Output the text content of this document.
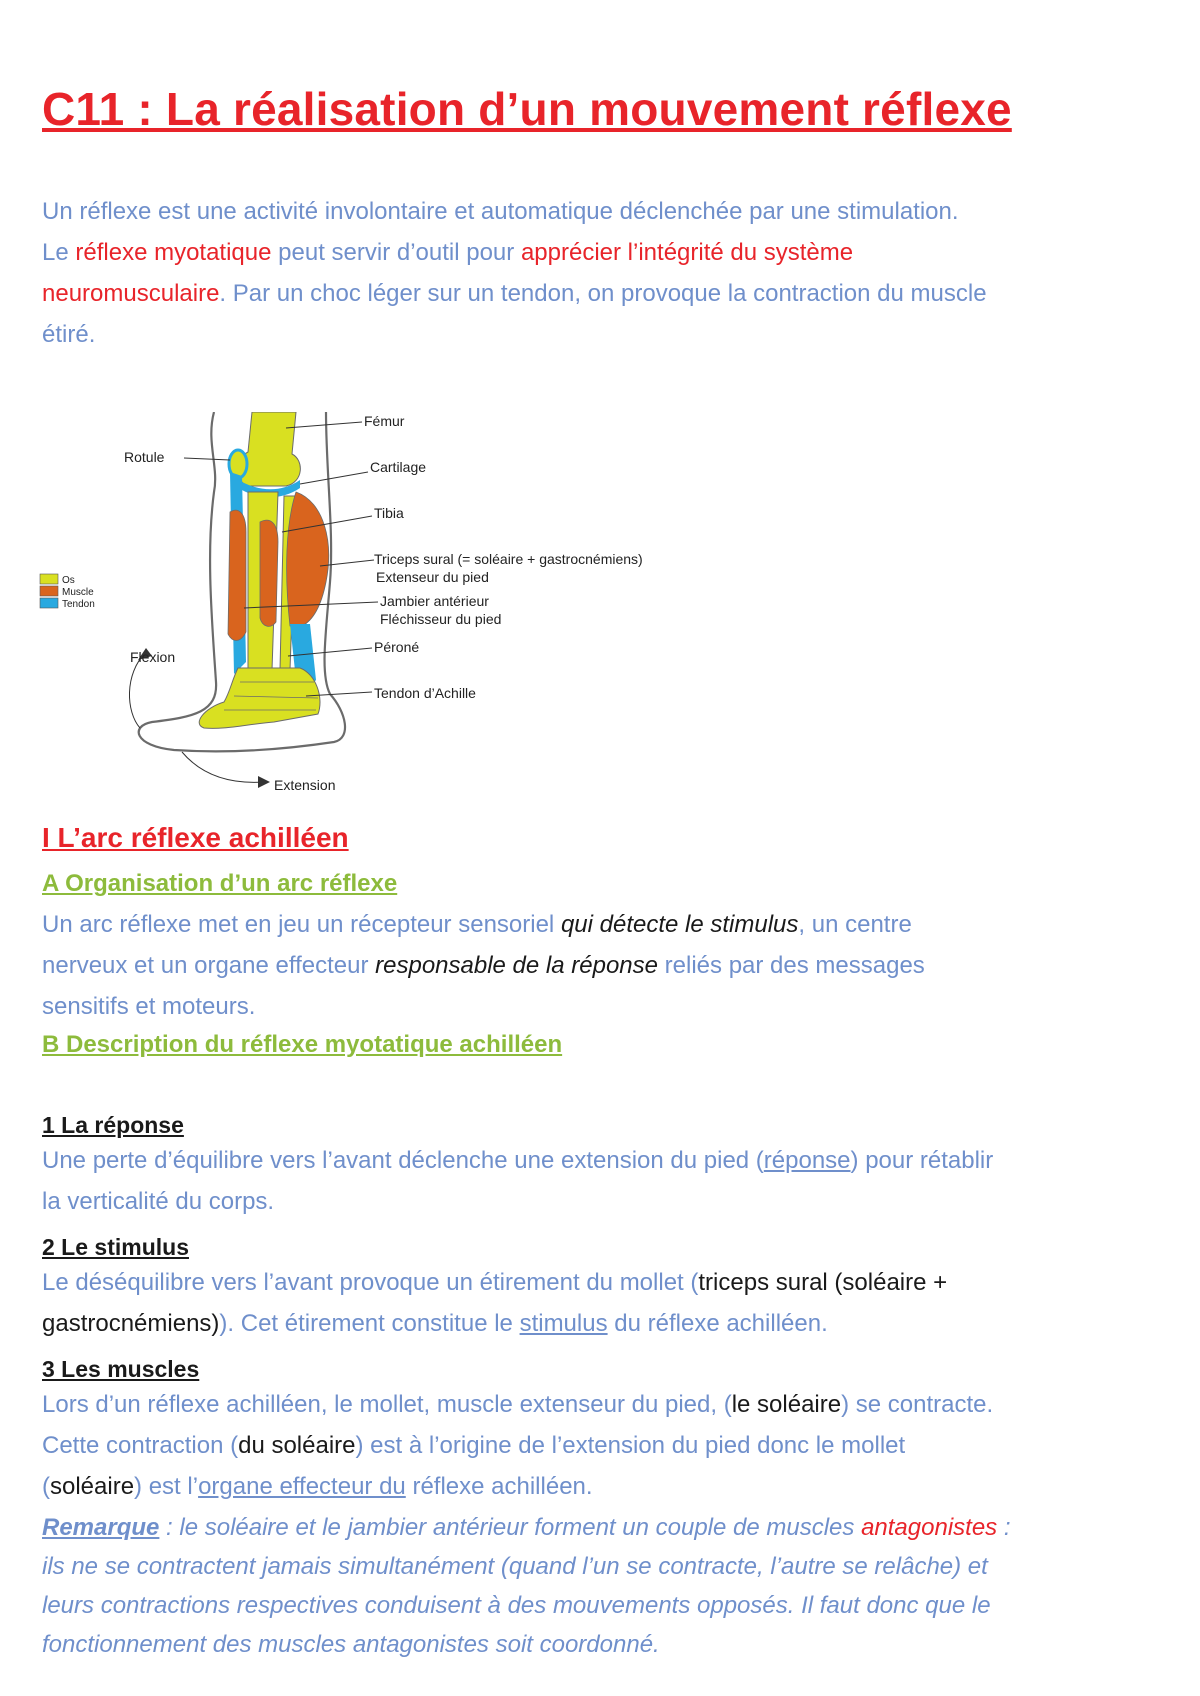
C11 : La réalisation d’un mouvement réflexe
Un réflexe est une activité involontaire et automatique déclenchée par une stimulation.
Le réflexe myotatique peut servir d’outil pour apprécier l’intégrité du système
neuromusculaire. Par un choc léger sur un tendon, on provoque la contraction du muscle
étiré.
Fémur
Rotule
Cartilage
Tibia
Triceps sural (= soléaire + gastrocnémiens)
Extenseur du pied
Jambier antérieur
Fléchisseur du pied
Péroné
Tendon d’Achille
Flexion
Extension
Os
Muscle
Tendon
I L’arc réflexe achilléen
A Organisation d’un arc réflexe
Un arc réflexe met en jeu un récepteur sensoriel qui détecte le stimulus, un centre
nerveux et un organe effecteur responsable de la réponse reliés par des messages
sensitifs et moteurs.
B Description du réflexe myotatique achilléen
1 La réponse
Une perte d’équilibre vers l’avant déclenche une extension du pied (réponse) pour rétablir
la verticalité du corps.
2 Le stimulus
Le déséquilibre vers l’avant provoque un étirement du mollet (triceps sural (soléaire +
gastrocnémiens)). Cet étirement constitue le stimulus du réflexe achilléen.
3 Les muscles
Lors d’un réflexe achilléen, le mollet, muscle extenseur du pied, (le soléaire) se contracte.
Cette contraction (du soléaire) est à l’origine de l’extension du pied donc le mollet
(soléaire) est l’organe effecteur du réflexe achilléen.
Remarque : le soléaire et le jambier antérieur forment un couple de muscles antagonistes :
ils ne se contractent jamais simultanément (quand l’un se contracte, l’autre se relâche) et
leurs contractions respectives conduisent à des mouvements opposés. Il faut donc que le
fonctionnement des muscles antagonistes soit coordonné.
